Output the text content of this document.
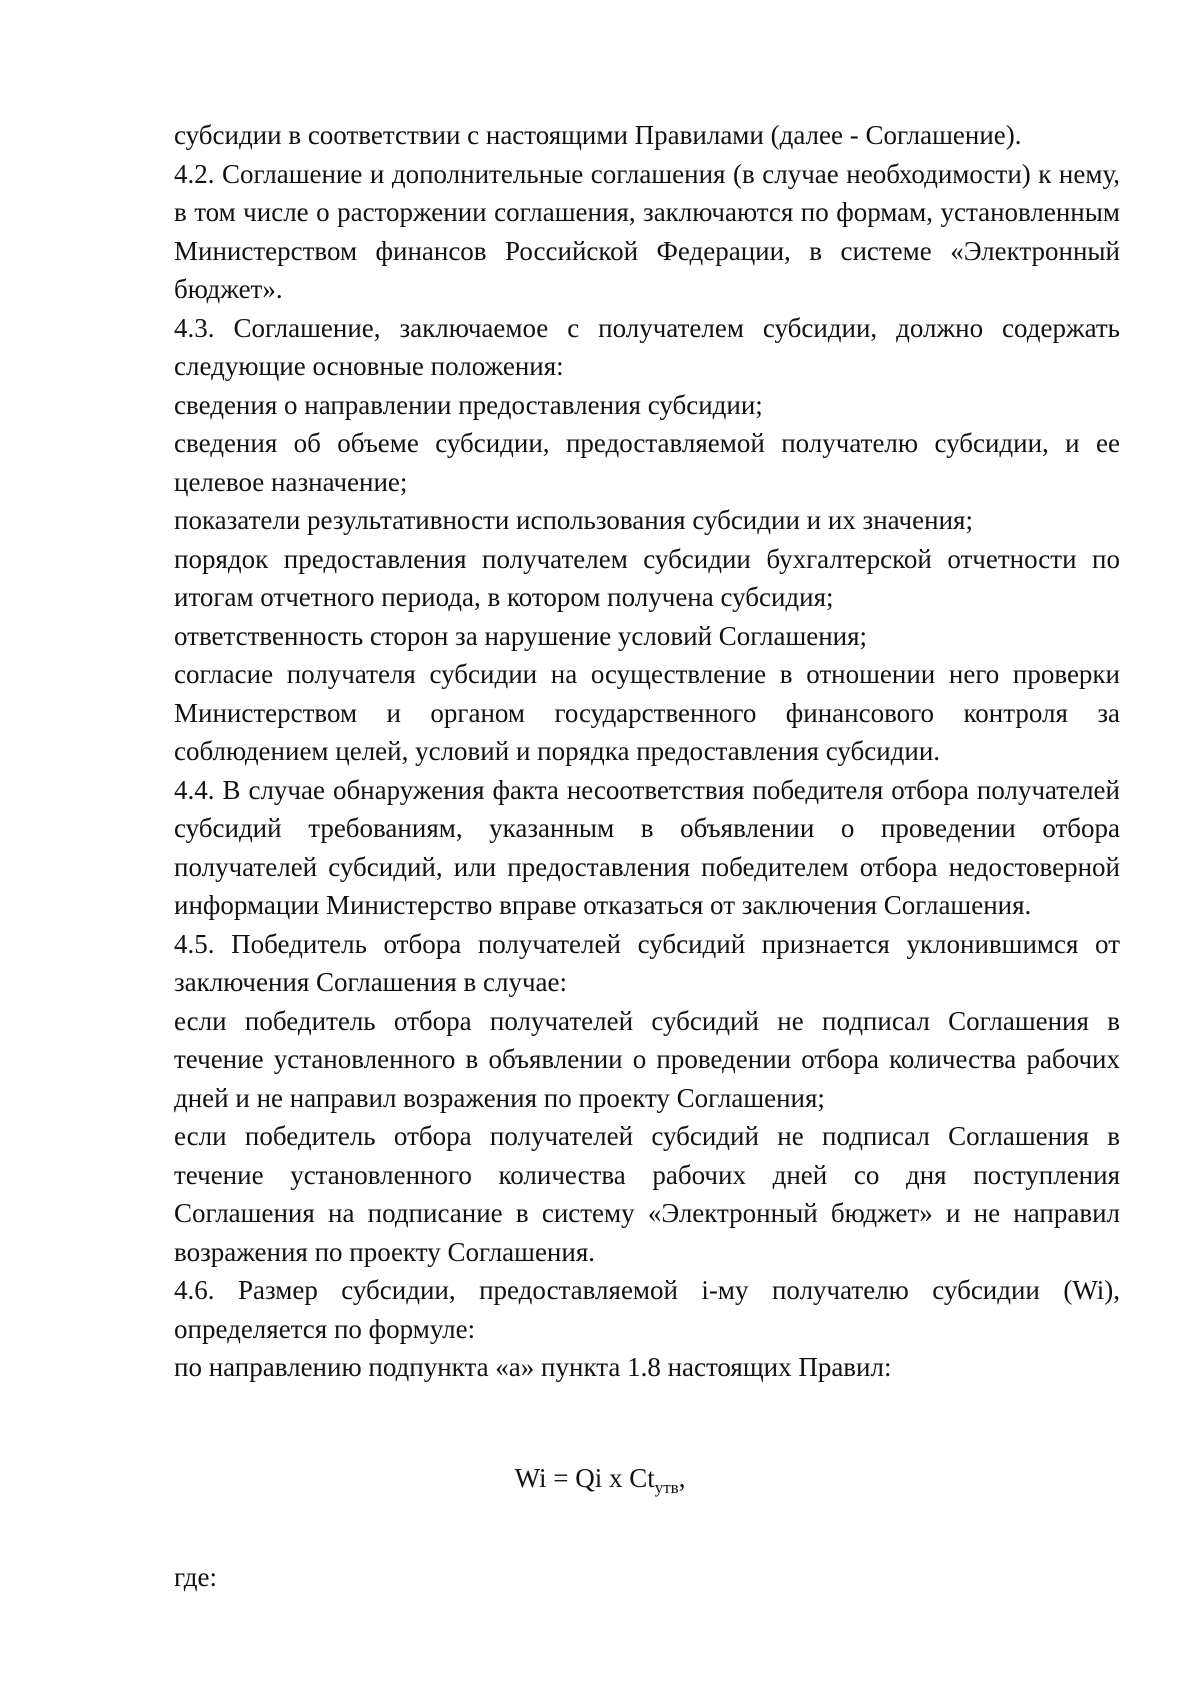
субсидии в соответствии с настоящими Правилами (далее - Соглашение).

4.2. Соглашение и дополнительные соглашения (в случае необходимости) к нему, в том числе о расторжении соглашения, заключаются по формам, установленным Министерством финансов Российской Федерации, в системе «Электронный бюджет».

4.3. Соглашение, заключаемое с получателем субсидии, должно содержать следующие основные положения:

сведения о направлении предоставления субсидии;

сведения об объеме субсидии, предоставляемой получателю субсидии, и ее целевое назначение;

показатели результативности использования субсидии и их значения;

порядок предоставления получателем субсидии бухгалтерской отчетности по итогам отчетного периода, в котором получена субсидия;

ответственность сторон за нарушение условий Соглашения;

согласие получателя субсидии на осуществление в отношении него проверки Министерством и органом государственного финансового контроля за соблюдением целей, условий и порядка предоставления субсидии.

4.4. В случае обнаружения факта несоответствия победителя отбора получателей субсидий требованиям, указанным в объявлении о проведении отбора получателей субсидий, или предоставления победителем отбора недостоверной информации Министерство вправе отказаться от заключения Соглашения.

4.5. Победитель отбора получателей субсидий признается уклонившимся от заключения Соглашения в случае:

если победитель отбора получателей субсидий не подписал Соглашения в течение установленного в объявлении о проведении отбора количества рабочих дней и не направил возражения по проекту Соглашения;

если победитель отбора получателей субсидий не подписал Соглашения в течение установленного количества рабочих дней со дня поступления Соглашения на подписание в систему «Электронный бюджет» и не направил возражения по проекту Соглашения.

4.6. Размер субсидии, предоставляемой i-му получателю субсидии (Wi), определяется по формуле:

по направлению подпункта «а» пункта 1.8 настоящих Правил:

Wi = Qi x $Ct_{утв}$,
где:
